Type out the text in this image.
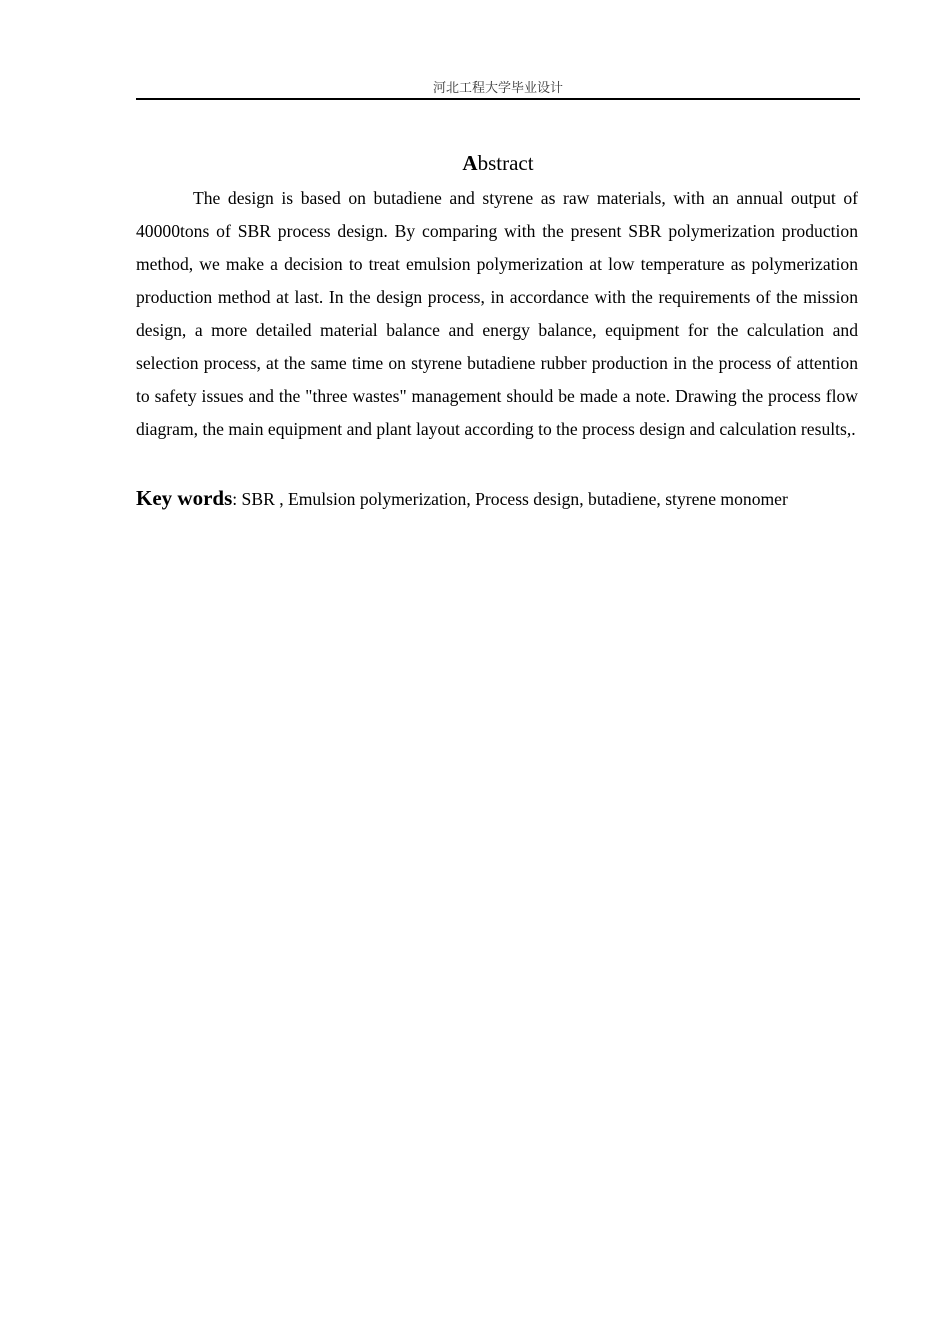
河北工程大学毕业设计
Abstract

The design is based on butadiene and styrene as raw materials, with an annual output of 40000tons of SBR process design. By comparing with the present SBR polymerization production method, we make a decision to treat emulsion polymerization at low temperature as polymerization production method at last. In the design process, in accordance with the requirements of the mission design, a more detailed material balance and energy balance, equipment for the calculation and selection process, at the same time on styrene butadiene rubber production in the process of attention to safety issues and the "three wastes" management should be made a note. Drawing the process flow diagram, the main equipment and plant layout according to the process design and calculation results,.

Key words: SBR , Emulsion polymerization, Process design, butadiene, styrene monomer
